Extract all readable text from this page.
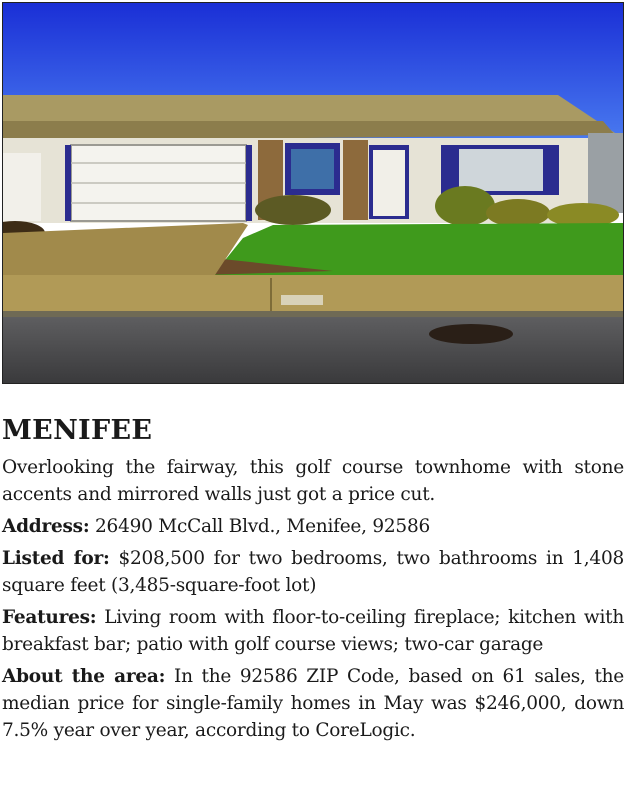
MENIFEE

Overlooking the fairway, this golf course townhome with stone accents and mirrored walls just got a price cut.

Address: 26490 McCall Blvd., Menifee, 92586

Listed for: $208,500 for two bedrooms, two bathrooms in 1,408 square feet (3,485-square-foot lot)

Features: Living room with floor-to-ceiling fireplace; kitchen with breakfast bar; patio with golf course views; two-car garage

About the area: In the 92586 ZIP Code, based on 61 sales, the median price for single-family homes in May was $246,000, down 7.5% year over year, according to CoreLogic.
